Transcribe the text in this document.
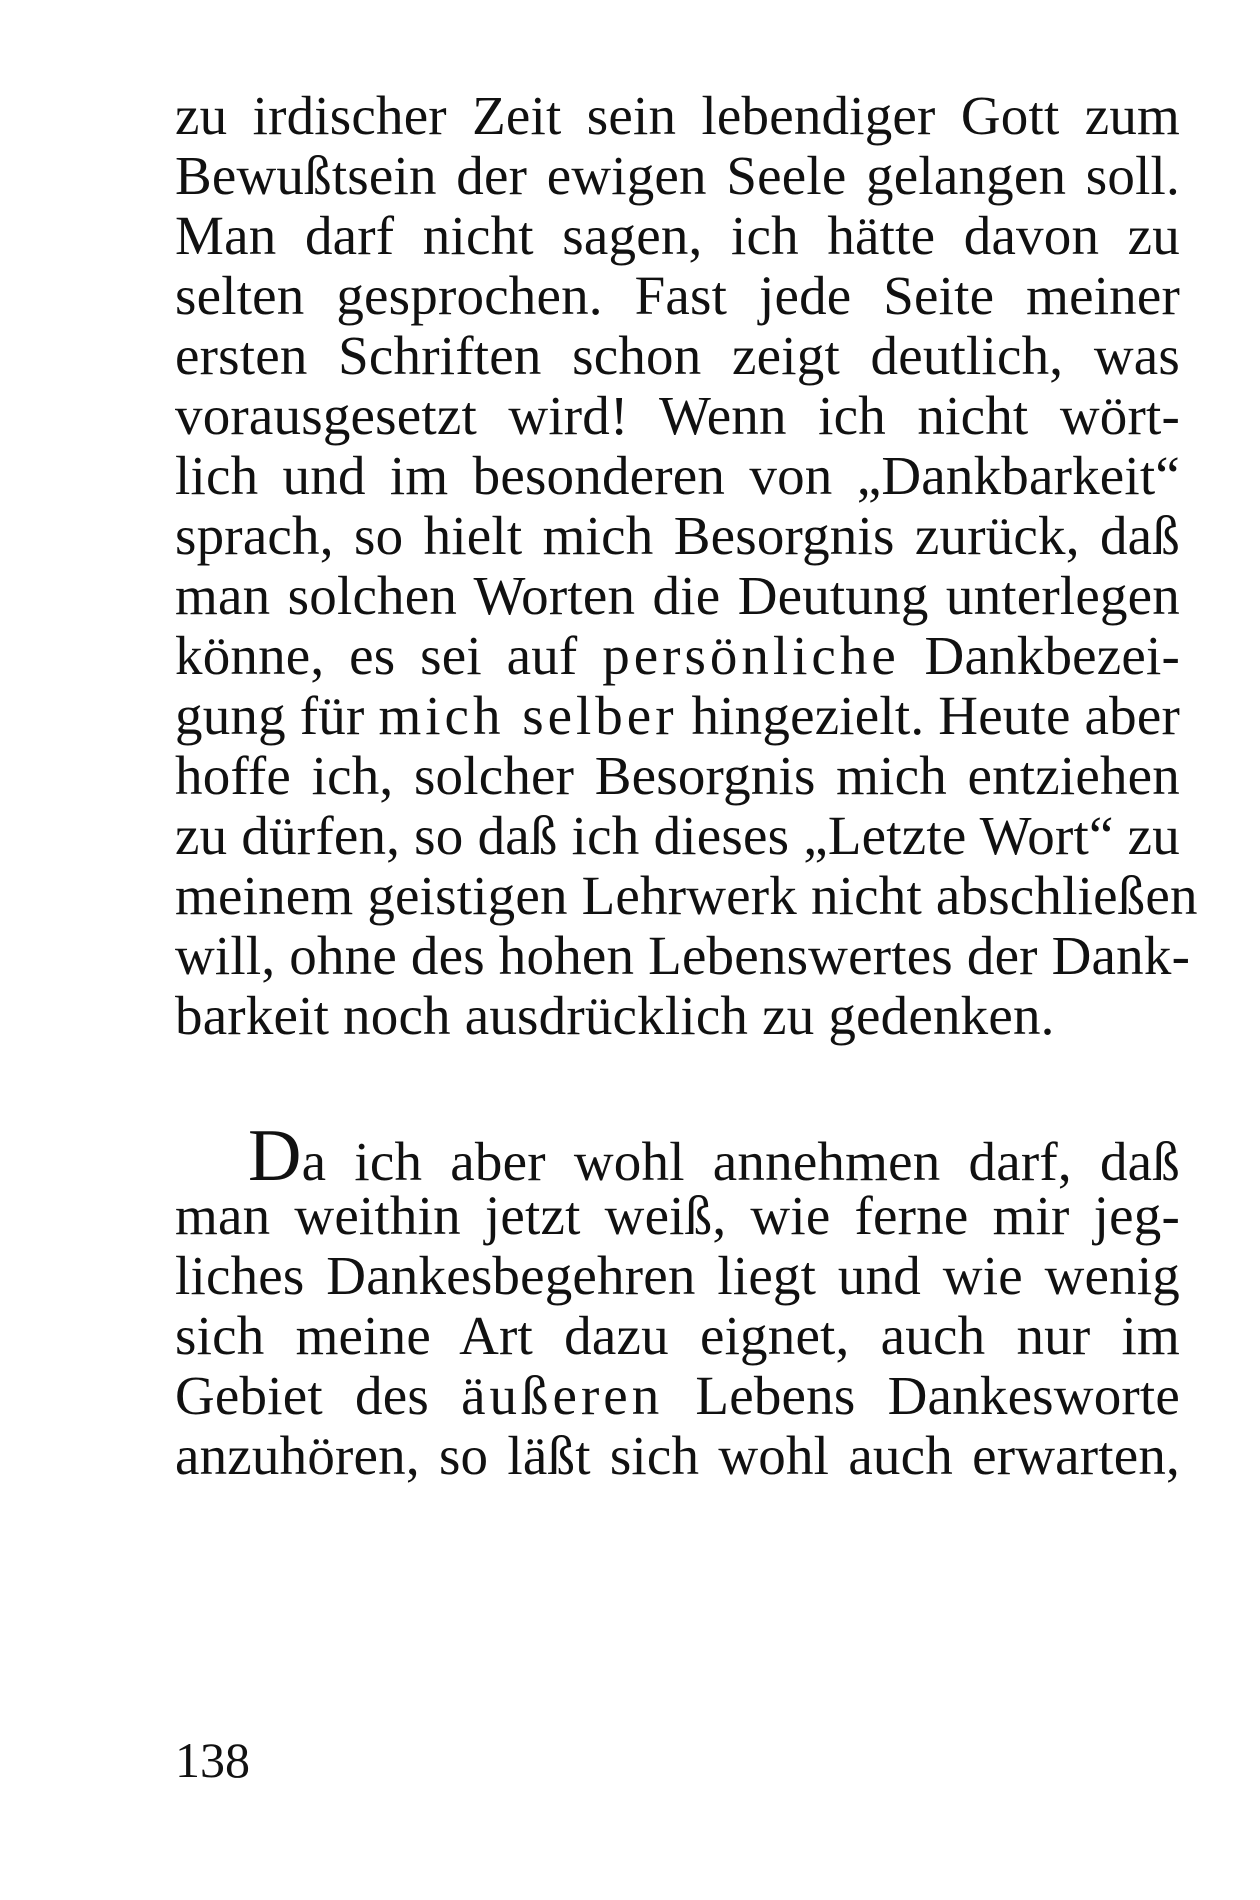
zu irdischer Zeit sein lebendiger Gott zum
Bewußtsein der ewigen Seele gelangen soll.
Man darf nicht sagen, ich hätte davon zu
selten gesprochen. Fast jede Seite meiner
ersten Schriften schon zeigt deutlich, was
vorausgesetzt wird! Wenn ich nicht wört-
lich und im besonderen von „Dankbarkeit“
sprach, so hielt mich Besorgnis zurück, daß
man solchen Worten die Deutung unterlegen
könne, es sei auf persönliche Dankbezei-
gung für mich selber hingezielt. Heute aber
hoffe ich, solcher Besorgnis mich entziehen
zu dürfen, so daß ich dieses „Letzte Wort“ zu
meinem geistigen Lehrwerk nicht abschließen
will, ohne des hohen Lebenswertes der Dank-
barkeit noch ausdrücklich zu gedenken.
Da ich aber wohl annehmen darf, daß
man weithin jetzt weiß, wie ferne mir jeg-
liches Dankesbegehren liegt und wie wenig
sich meine Art dazu eignet, auch nur im
Gebiet des äußeren Lebens Dankesworte
anzuhören, so läßt sich wohl auch erwarten,
138
